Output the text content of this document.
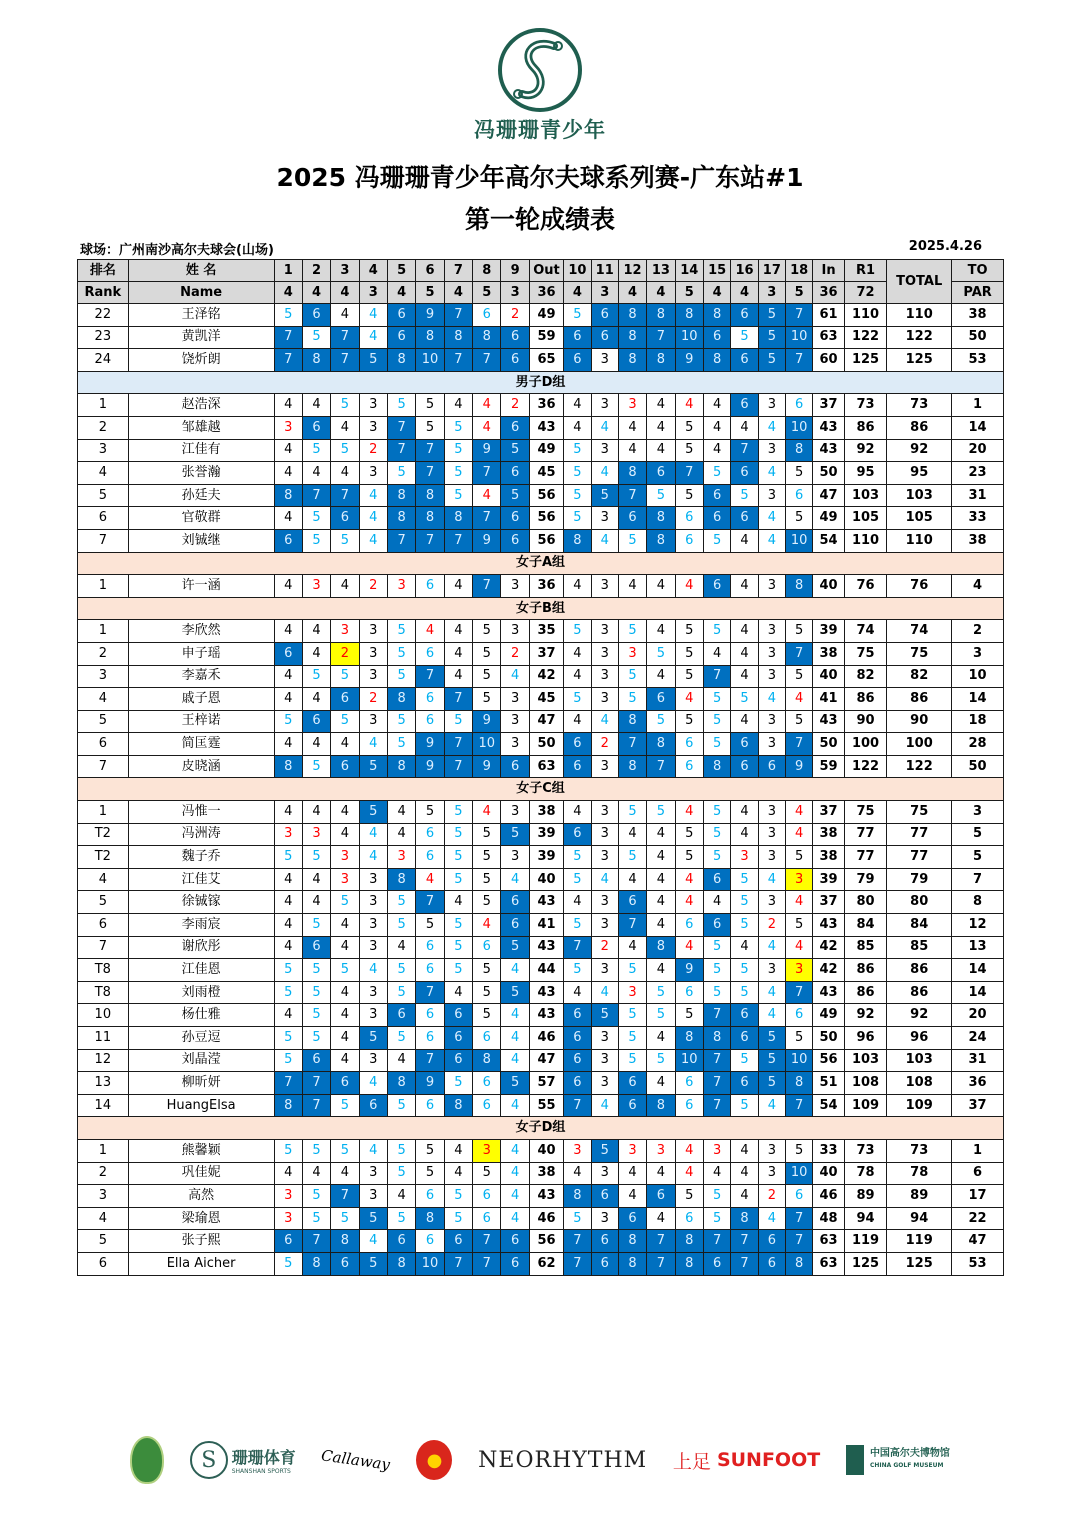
冯珊珊青少年
2025 冯珊珊青少年高尔夫球系列赛-广东站#1
第一轮成绩表
球场：广州南沙高尔夫球会(山场)	2025.4.26
排名	姓 名	1	2	3	4	5	6	7	8	9	Out	10	11	12	13	14	15	16	17	18	In	R1	TOTAL	TO
Rank	Name	4	4	4	3	4	5	4	5	3	36	4	3	4	4	5	4	4	3	5	36	72		PAR
22	王泽铭	5	6	4	4	6	9	7	6	2	49	5	6	8	8	8	8	6	5	7	61	110	110	38
23	黄凯洋	7	5	7	4	6	8	8	8	6	59	6	6	8	7	10	6	5	5	10	63	122	122	50
24	饶炘朗	7	8	7	5	8	10	7	7	6	65	6	3	8	8	9	8	6	5	7	60	125	125	53
男子D组																								
1	赵浩深	4	4	5	3	5	5	4	4	2	36	4	3	3	4	4	4	6	3	6	37	73	73	1
2	邹雄越	3	6	4	3	7	5	5	4	6	43	4	4	4	4	5	4	4	4	10	43	86	86	14
3	江佳有	4	5	5	2	7	7	5	9	5	49	5	3	4	4	5	4	7	3	8	43	92	92	20
4	张誉瀚	4	4	4	3	5	7	5	7	6	45	5	4	8	6	7	5	6	4	5	50	95	95	23
5	孙廷夫	8	7	7	4	8	8	5	4	5	56	5	5	7	5	5	6	5	3	6	47	103	103	31
6	官敬群	4	5	6	4	8	8	8	7	6	56	5	3	6	8	6	6	6	4	5	49	105	105	33
7	刘铖继	6	5	5	4	7	7	7	9	6	56	8	4	5	8	6	5	4	4	10	54	110	110	38
女子A组																								
1	许一涵	4	3	4	2	3	6	4	7	3	36	4	3	4	4	4	6	4	3	8	40	76	76	4
女子B组																								
1	李欣然	4	4	3	3	5	4	4	5	3	35	5	3	5	4	5	5	4	3	5	39	74	74	2
2	申子瑶	6	4	2	3	5	6	4	5	2	37	4	3	3	5	5	4	4	3	7	38	75	75	3
3	李嘉禾	4	5	5	3	5	7	4	5	4	42	4	3	5	4	5	7	4	3	5	40	82	82	10
4	戚子恩	4	4	6	2	8	6	7	5	3	45	5	3	5	6	4	5	5	4	4	41	86	86	14
5	王梓诺	5	6	5	3	5	6	5	9	3	47	4	4	8	5	5	5	4	3	5	43	90	90	18
6	简匡霆	4	4	4	4	5	9	7	10	3	50	6	2	7	8	6	5	6	3	7	50	100	100	28
7	皮晓涵	8	5	6	5	8	9	7	9	6	63	6	3	8	7	6	8	6	6	9	59	122	122	50
女子C组																								
1	冯惟一	4	4	4	5	4	5	5	4	3	38	4	3	5	5	4	5	4	3	4	37	75	75	3
T2	冯洲涛	3	3	4	4	4	6	5	5	5	39	6	3	4	4	5	5	4	3	4	38	77	77	5
T2	魏子乔	5	5	3	4	3	6	5	5	3	39	5	3	5	4	5	5	3	3	5	38	77	77	5
4	江佳艾	4	4	3	3	8	4	5	5	4	40	5	4	4	4	4	6	5	4	3	39	79	79	7
5	徐铖镓	4	4	5	3	5	7	4	5	6	43	4	3	6	4	4	4	5	3	4	37	80	80	8
6	李雨宸	4	5	4	3	5	5	5	4	6	41	5	3	7	4	6	6	5	2	5	43	84	84	12
7	谢欣彤	4	6	4	3	4	6	5	6	5	43	7	2	4	8	4	5	4	4	4	42	85	85	13
T8	江佳恩	5	5	5	4	5	6	5	5	4	44	5	3	5	4	9	5	5	3	3	42	86	86	14
T8	刘雨橙	5	5	4	3	5	7	4	5	5	43	4	4	3	5	6	5	5	4	7	43	86	86	14
10	杨仕雅	4	5	4	3	6	6	6	5	4	43	6	5	5	5	5	7	6	4	6	49	92	92	20
11	孙豆逗	5	5	4	5	5	6	6	6	4	46	6	3	5	4	8	8	6	5	5	50	96	96	24
12	刘晶滢	5	6	4	3	4	7	6	8	4	47	6	3	5	5	10	7	5	5	10	56	103	103	31
13	柳昕妍	7	7	6	4	8	9	5	6	5	57	6	3	6	4	6	7	6	5	8	51	108	108	36
14	HuangElsa	8	7	5	6	5	6	8	6	4	55	7	4	6	8	6	7	5	4	7	54	109	109	37
女子D组																								
1	熊馨颖	5	5	5	4	5	5	4	3	4	40	3	5	3	3	4	3	4	3	5	33	73	73	1
2	巩佳妮	4	4	4	3	5	5	4	5	4	38	4	3	4	4	4	4	4	3	10	40	78	78	6
3	高然	3	5	7	3	4	6	5	6	4	43	8	6	4	6	5	5	4	2	6	46	89	89	17
4	梁瑜恩	3	5	5	5	5	8	5	6	4	46	5	3	6	4	6	5	8	4	7	48	94	94	22
5	张子熙	6	7	8	4	6	6	6	7	6	56	7	6	8	7	8	7	7	6	7	63	119	119	47
6	Ella Aicher	5	8	6	5	8	10	7	7	6	62	7	6	8	7	8	6	7	6	8	63	125	125	53
S 珊珊体育
SHANSHAN SPORTS	Callaway	●	NEORHYTHM 上足 SUNFOOT	中国高尔夫博物馆
CHINA GOLF MUSEUM
